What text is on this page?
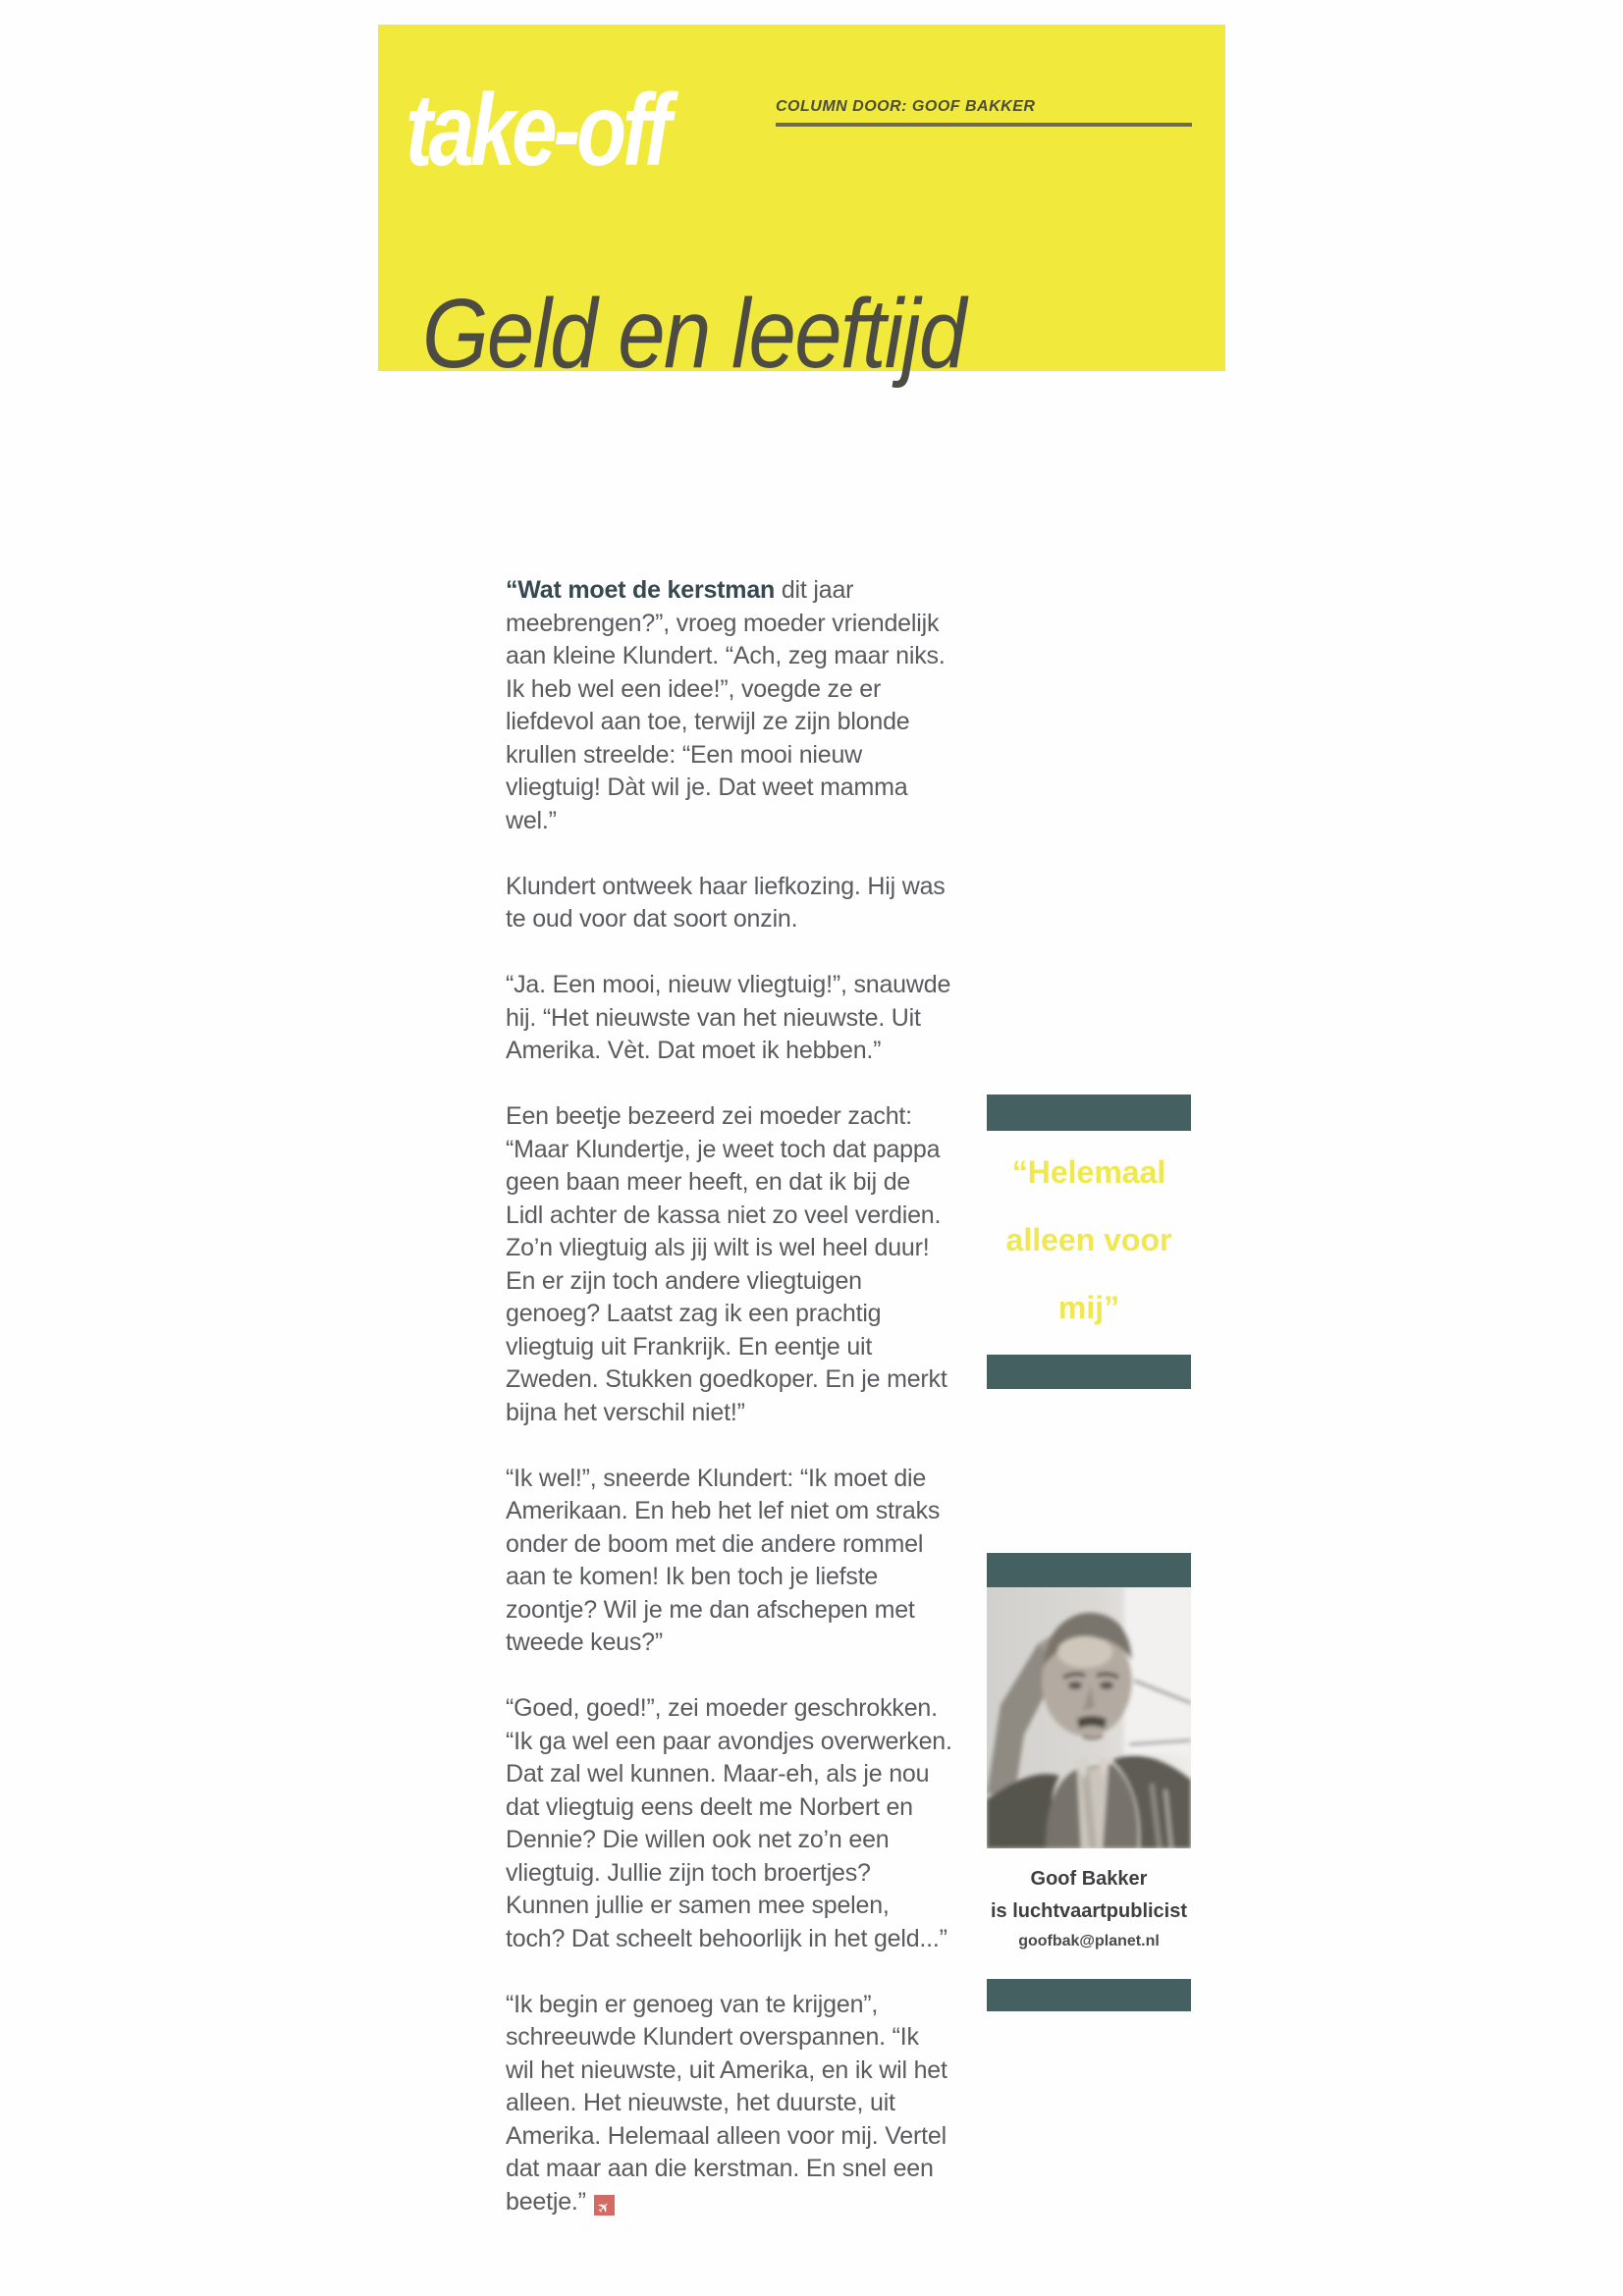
take-off	COLUMN DOOR: GOOF BAKKER
Geld en leeftijd

“Wat moet de kerstman dit jaar meebrengen?”, vroeg moeder vriendelijk aan kleine Klundert. “Ach, zeg maar niks. Ik heb wel een idee!”, voegde ze er liefdevol aan toe, terwijl ze zijn blonde krullen streelde: “Een mooi nieuw vliegtuig! Dàt wil je. Dat weet mamma wel.”

Klundert ontweek haar liefkozing. Hij was te oud voor dat soort onzin.

“Ja. Een mooi, nieuw vliegtuig!”, snauwde hij. “Het nieuwste van het nieuwste. Uit Amerika. Vèt. Dat moet ik hebben.”

Een beetje bezeerd zei moeder zacht: “Maar Klundertje, je weet toch dat pappa geen baan meer heeft, en dat ik bij de Lidl achter de kassa niet zo veel verdien. Zo’n vliegtuig als jij wilt is wel heel duur! En er zijn toch andere vliegtuigen genoeg? Laatst zag ik een prachtig vliegtuig uit Frankrijk. En eentje uit Zweden. Stukken goedkoper. En je merkt bijna het verschil niet!”

“Ik wel!”, sneerde Klundert: “Ik moet die Amerikaan. En heb het lef niet om straks onder de boom met die andere rommel aan te komen! Ik ben toch je liefste zoontje? Wil je me dan afschepen met tweede keus?”

“Goed, goed!”, zei moeder geschrokken. “Ik ga wel een paar avondjes overwerken. Dat zal wel kunnen. Maar-eh, als je nou dat vliegtuig eens deelt me Norbert en Dennie? Die willen ook net zo’n een vliegtuig. Jullie zijn toch broertjes? Kunnen jullie er samen mee spelen, toch? Dat scheelt behoorlijk in het geld...”

“Ik begin er genoeg van te krijgen”, schreeuwde Klundert overspannen. “Ik wil het nieuwste, uit Amerika, en ik wil het alleen. Het nieuwste, het duurste, uit Amerika. Helemaal alleen voor mij. Vertel dat maar aan die kerstman. En snel een beetje.” ✈

“Helemaal
alleen voor
mij”
Goof Bakker
is luchtvaartpublicist
goofbak@planet.nl
